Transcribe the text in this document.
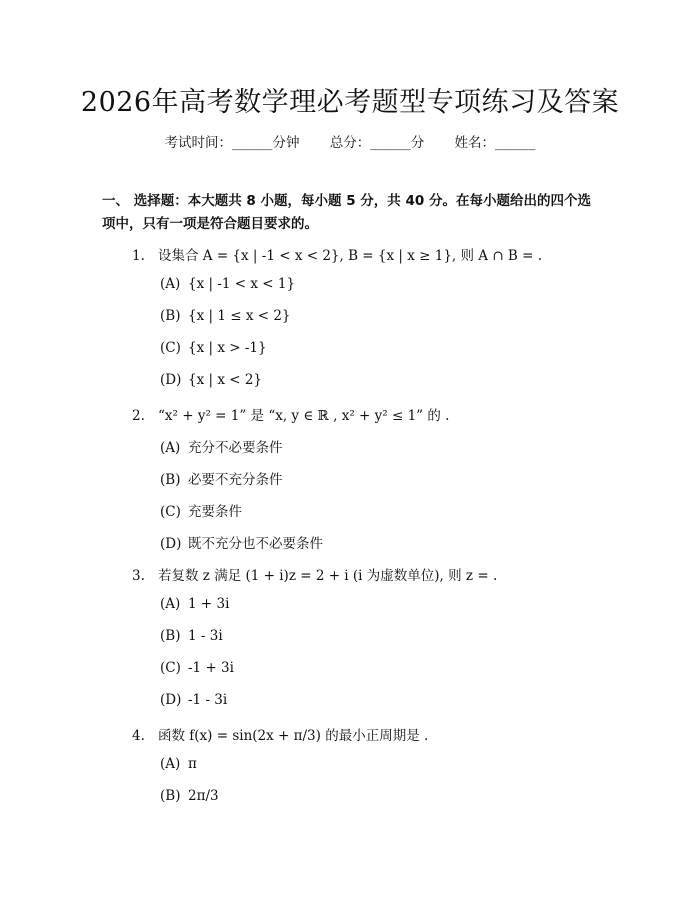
2026年高考数学理必考题型专项练习及答案
考试时间：______分钟 总分：______分 姓名：______
一、 选择题：本大题共 8 小题，每小题 5 分，共 40 分。在每小题给出的四个选项中，只有一项是符合题目要求的。
1. 设集合 A = {x | -1 < x < 2}, B = {x | x ≥ 1}, 则 A ∩ B = .
(A) {x | -1 < x < 1}
(B) {x | 1 ≤ x < 2}
(C) {x | x > -1}
(D) {x | x < 2}
2. “x² + y² = 1” 是 “x, y ∈ ℝ , x² + y² ≤ 1” 的 .
(A) 充分不必要条件
(B) 必要不充分条件
(C) 充要条件
(D) 既不充分也不必要条件
3. 若复数 z 满足 (1 + i)z = 2 + i (i 为虚数单位), 则 z = .
(A) 1 + 3i
(B) 1 - 3i
(C) -1 + 3i
(D) -1 - 3i
4. 函数 f(x) = sin(2x + π/3) 的最小正周期是 .
(A) π
(B) 2π/3
